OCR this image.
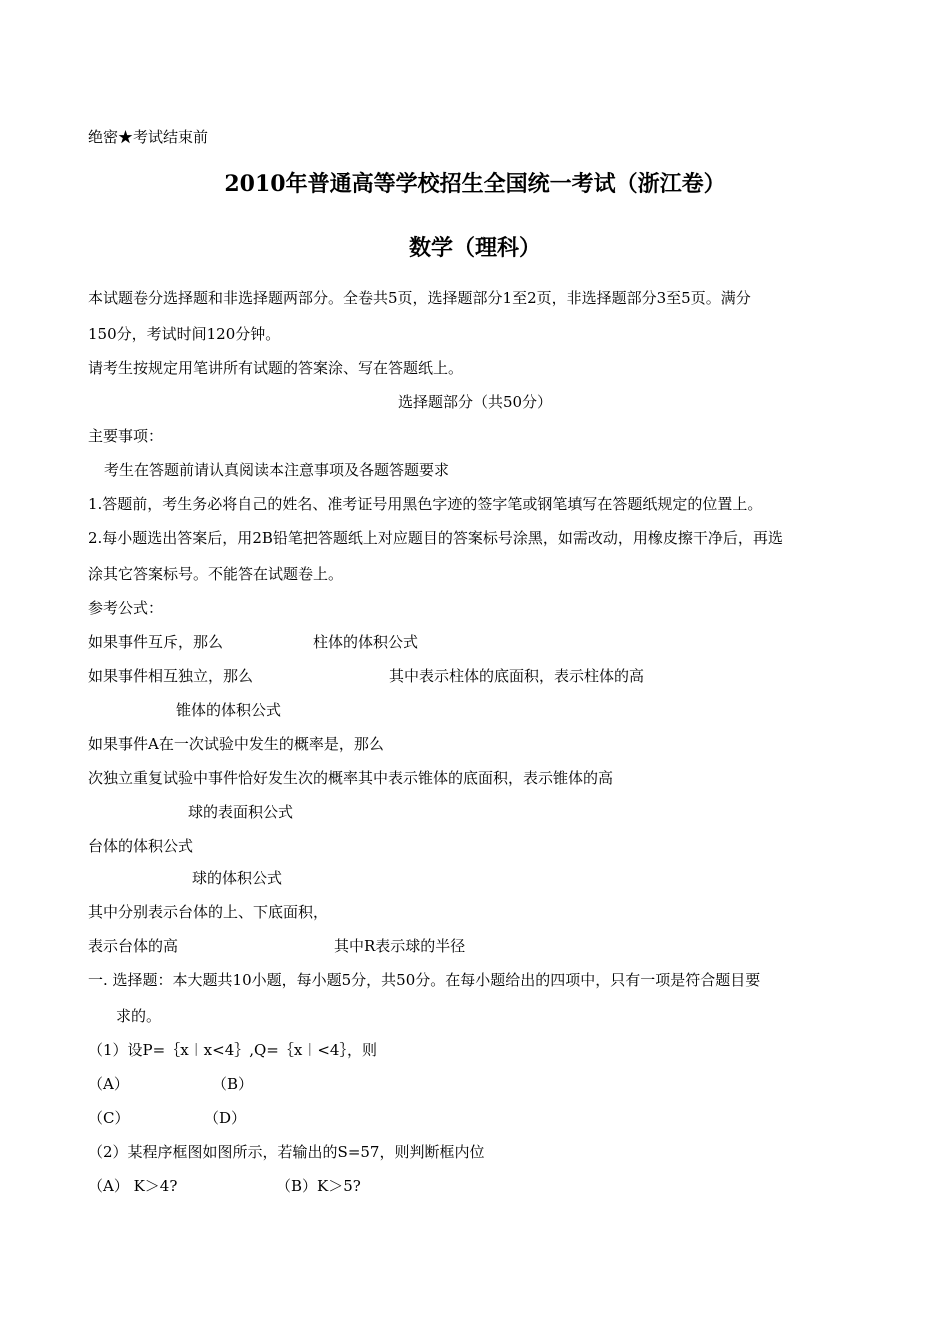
绝密★考试结束前
2010年普通高等学校招生全国统一考试（浙江卷）
数学（理科）
本试题卷分选择题和非选择题两部分。全卷共5页，选择题部分1至2页，非选择题部分3至5页。满分
150分，考试时间120分钟。
请考生按规定用笔讲所有试题的答案涂、写在答题纸上。
选择题部分（共50分）
主要事项：
考生在答题前请认真阅读本注意事项及各题答题要求
1.答题前，考生务必将自己的姓名、准考证号用黑色字迹的签字笔或钢笔填写在答题纸规定的位置上。
2.每小题选出答案后，用2B铅笔把答题纸上对应题目的答案标号涂黑，如需改动，用橡皮擦干净后，再选
涂其它答案标号。不能答在试题卷上。
参考公式：
如果事件互斥，那么	柱体的体积公式
如果事件相互独立，那么	其中表示柱体的底面积，表示柱体的高
锥体的体积公式
如果事件A在一次试验中发生的概率是，那么
次独立重复试验中事件恰好发生次的概率其中表示锥体的底面积，表示锥体的高
球的表面积公式
台体的体积公式
球的体积公式
其中分别表示台体的上、下底面积，
表示台体的高	其中R表示球的半径
一. 选择题：本大题共10小题，每小题5分，共50分。在每小题给出的四项中，只有一项是符合题目要
求的。
（1）设P=｛x︱x<4｝,Q=｛x︱<4｝，则
（A）	（B）
（C）	（D）
（2）某程序框图如图所示，若输出的S=57，则判断框内位
（A） K＞4?	（B）K＞5?
